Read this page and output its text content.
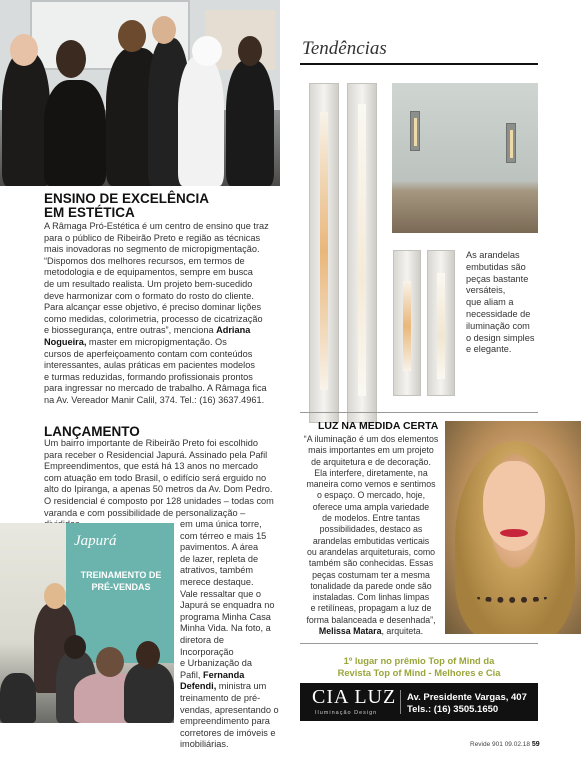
ENSINO DE EXCELÊNCIA
EM ESTÉTICA
A Râmaga Pró-Estética é um centro de ensino que traz
para o público de Ribeirão Preto e região as técnicas
mais inovadoras no segmento de micropigmentação.
“Dispomos dos melhores recursos, em termos de
metodologia e de equipamentos, sempre em busca
de um resultado realista. Um projeto bem-sucedido
deve harmonizar com o formato do rosto do cliente.
Para alcançar esse objetivo, é preciso dominar lições
como medidas, colorimetria, processo de cicatrização
e biossegurança, entre outras”, menciona Adriana
Nogueira, master em micropigmentação. Os
cursos de aperfeiçoamento contam com conteúdos
interessantes, aulas práticas em pacientes modelos
e turmas reduzidas, formando profissionais prontos
para ingressar no mercado de trabalho. A Râmaga fica
na Av. Vereador Manir Calil, 374. Tel.: (16) 3637.4961.
LANÇAMENTO
Um bairro importante de Ribeirão Preto foi escolhido
para receber o Residencial Japurá. Assinado pela Pafil
Empreendimentos, que está há 13 anos no mercado
com atuação em todo Brasil, o edifício será erguido no
alto do Ipiranga, a apenas 50 metros da Av. Dom Pedro.
O residencial é composto por 128 unidades – todas com
varanda e com possibilidade de personalização –
em uma única torre,
com térreo e mais 15
pavimentos. A área
de lazer, repleta de
atrativos, também
merece destaque.
Vale ressaltar que o
Japurá se enquadra no
programa Minha Casa
Minha Vida. Na foto, a
diretora de Incorporação
e Urbanização da
Pafil, Fernanda
Defendi, ministra um
treinamento de pré-
vendas, apresentando o
empreendimento para
corretores de imóveis e
imobiliárias.
Japurá
TREINAMENTO DE PRÉ-VENDAS
Tendências
As arandelas
embutidas são
peças bastante
versáteis,
que aliam a
necessidade de
iluminação com
o design simples
e elegante.
LUZ NA MEDIDA CERTA
“A iluminação é um dos elementos
mais importantes em um projeto
de arquitetura e de decoração.
Ela interfere, diretamente, na
maneira como vemos e sentimos
o espaço. O mercado, hoje,
oferece uma ampla variedade
de modelos. Entre tantas
possibilidades, destaco as
arandelas embutidas verticais
ou arandelas arquiteturais, como
também são conhecidas. Essas
peças costumam ter a mesma
tonalidade da parede onde são
instaladas. Com linhas limpas
e retilíneas, propagam a luz de
forma balanceada e desenhada”,
Melissa Matara, arquiteta.
1º lugar no prêmio Top of Mind da
Revista Top of Mind - Melhores e Cia
CIA LUZ
Iluminação Design
Av. Presidente Vargas, 407
Tels.: (16) 3505.1650
Revide 901 09.02.18 59
